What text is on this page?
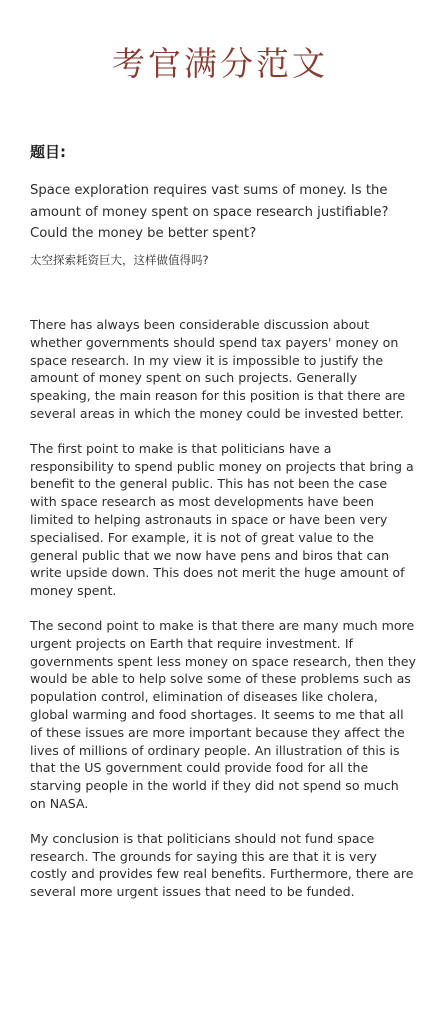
考官满分范文
题目:
Space exploration requires vast sums of money. Is the amount of money spent on space research justifiable? Could the money be better spent?
太空探索耗资巨大，这样做值得吗?

There has always been considerable discussion about whether governments should spend tax payers' money on space research. In my view it is impossible to justify the amount of money spent on such projects. Generally speaking, the main reason for this position is that there are several areas in which the money could be invested better.

The first point to make is that politicians have a responsibility to spend public money on projects that bring a benefit to the general public. This has not been the case with space research as most developments have been limited to helping astronauts in space or have been very specialised. For example, it is not of great value to the general public that we now have pens and biros that can write upside down. This does not merit the huge amount of money spent.

The second point to make is that there are many much more urgent projects on Earth that require investment. If governments spent less money on space research, then they would be able to help solve some of these problems such as population control, elimination of diseases like cholera, global warming and food shortages. It seems to me that all of these issues are more important because they affect the lives of millions of ordinary people. An illustration of this is that the US government could provide food for all the starving people in the world if they did not spend so much on NASA.

My conclusion is that politicians should not fund space research. The grounds for saying this are that it is very costly and provides few real benefits. Furthermore, there are several more urgent issues that need to be funded.
